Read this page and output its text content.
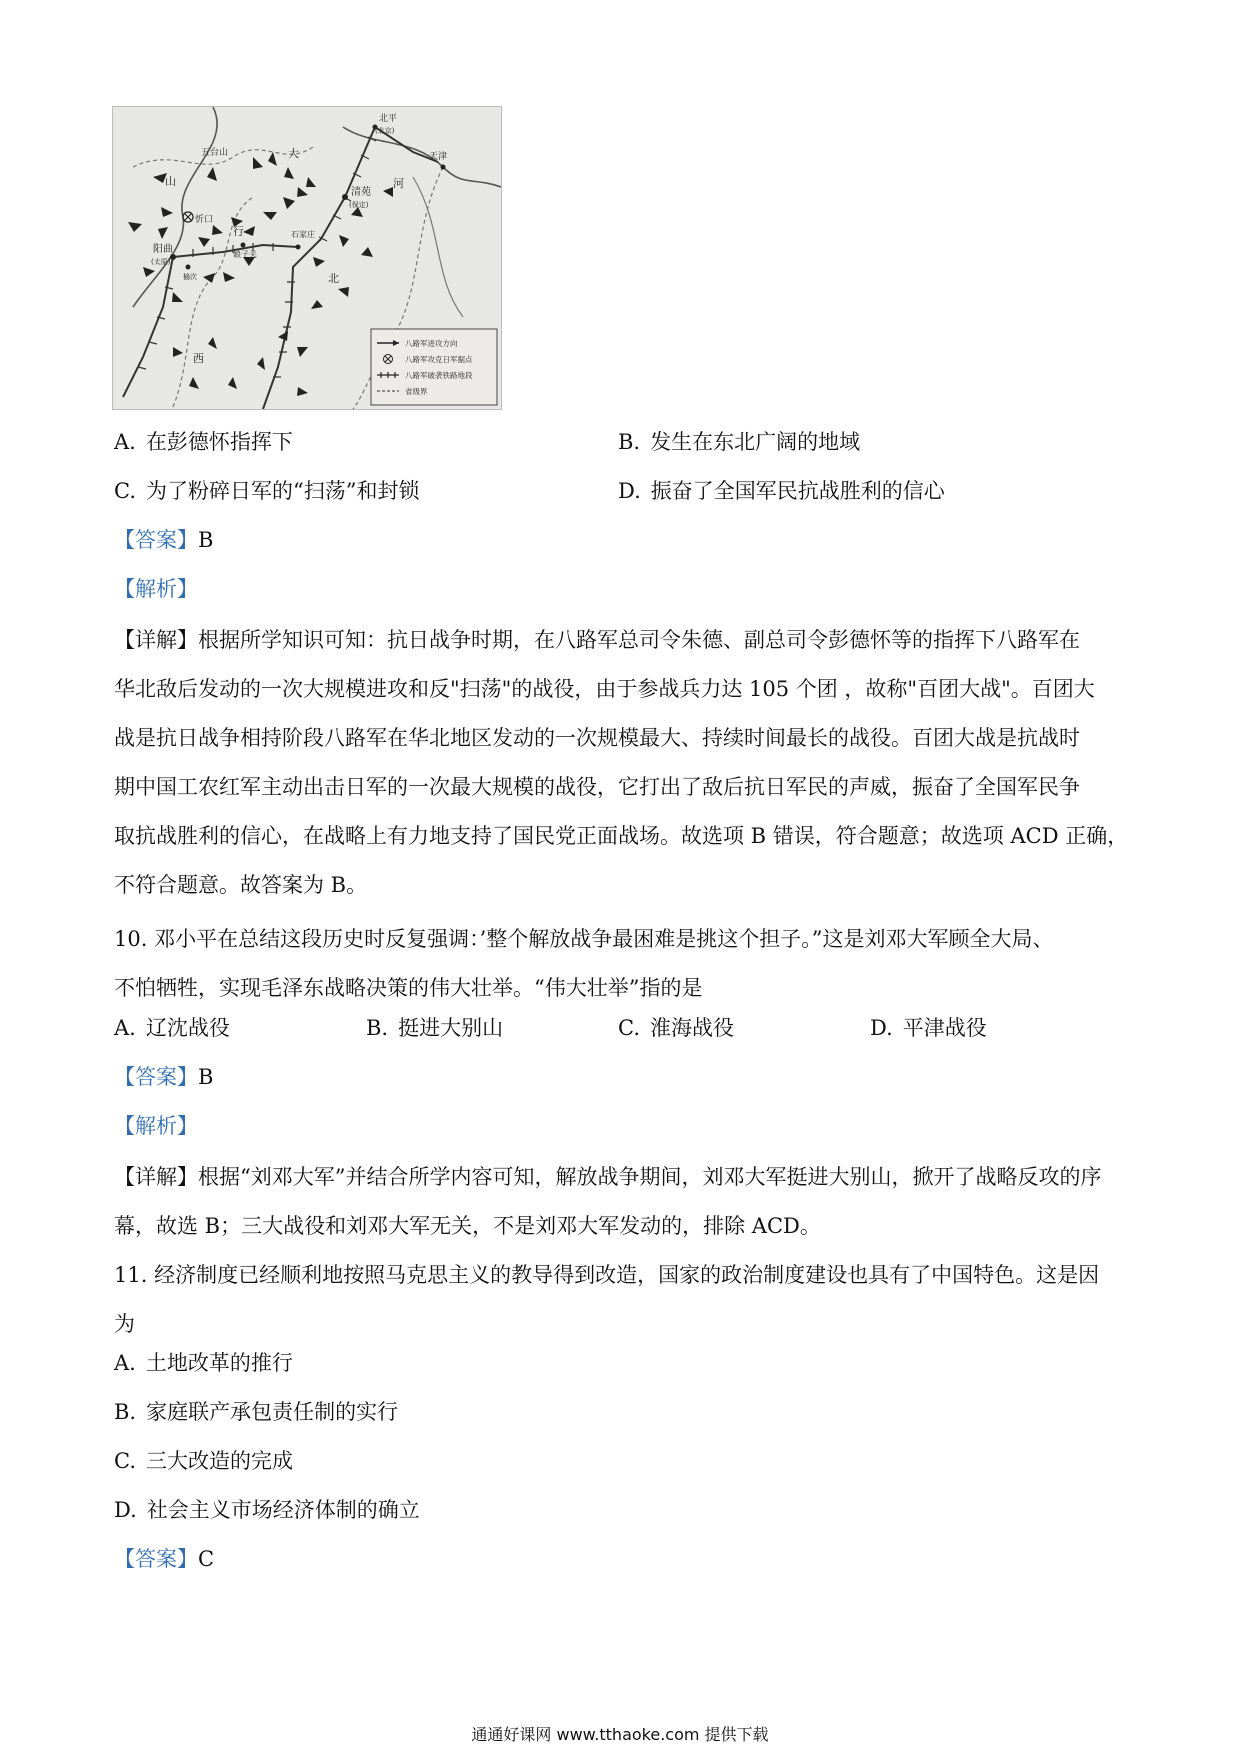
北平
(北京)
天津
五台山
清苑
(保定)
忻口
娘子关
石家庄
阳曲
(太原)
榆次
山
行
河
北
西
大
八路军进攻方向
八路军攻克日军据点
八路军破袭铁路地段
省级界
A. 在彭德怀指挥下	B. 发生在东北广阔的地域
C. 为了粉碎日军的“扫荡”和封锁	D. 振奋了全国军民抗战胜利的信心
【答案】B
【解析】
【详解】根据所学知识可知：抗日战争时期，在八路军总司令朱德、副总司令彭德怀等的指挥下八路军在
华北敌后发动的一次大规模进攻和反"扫荡"的战役，由于参战兵力达 105 个团 ，故称"百团大战"。百团大
战是抗日战争相持阶段八路军在华北地区发动的一次规模最大、持续时间最长的战役。百团大战是抗战时
期中国工农红军主动出击日军的一次最大规模的战役，它打出了敌后抗日军民的声威，振奋了全国军民争
取抗战胜利的信心，在战略上有力地支持了国民党正面战场。故选项 B 错误，符合题意；故选项 ACD 正确，
不符合题意。故答案为 B。
10. 邓小平在总结这段历史时反复强调：’整个解放战争最困难是挑这个担子。”这是刘邓大军顾全大局、
不怕牺牲，实现毛泽东战略决策的伟大壮举。“伟大壮举”指的是
A. 辽沈战役	B. 挺进大别山	C. 淮海战役	D. 平津战役
【答案】B
【解析】
【详解】根据“刘邓大军”并结合所学内容可知，解放战争期间，刘邓大军挺进大别山，掀开了战略反攻的序
幕，故选 B；三大战役和刘邓大军无关，不是刘邓大军发动的，排除 ACD。
11. 经济制度已经顺利地按照马克思主义的教导得到改造，国家的政治制度建设也具有了中国特色。这是因
为
A. 土地改革的推行
B. 家庭联产承包责任制的实行
C. 三大改造的完成
D. 社会主义市场经济体制的确立
【答案】C
通通好课网 www.tthaoke.com 提供下载
